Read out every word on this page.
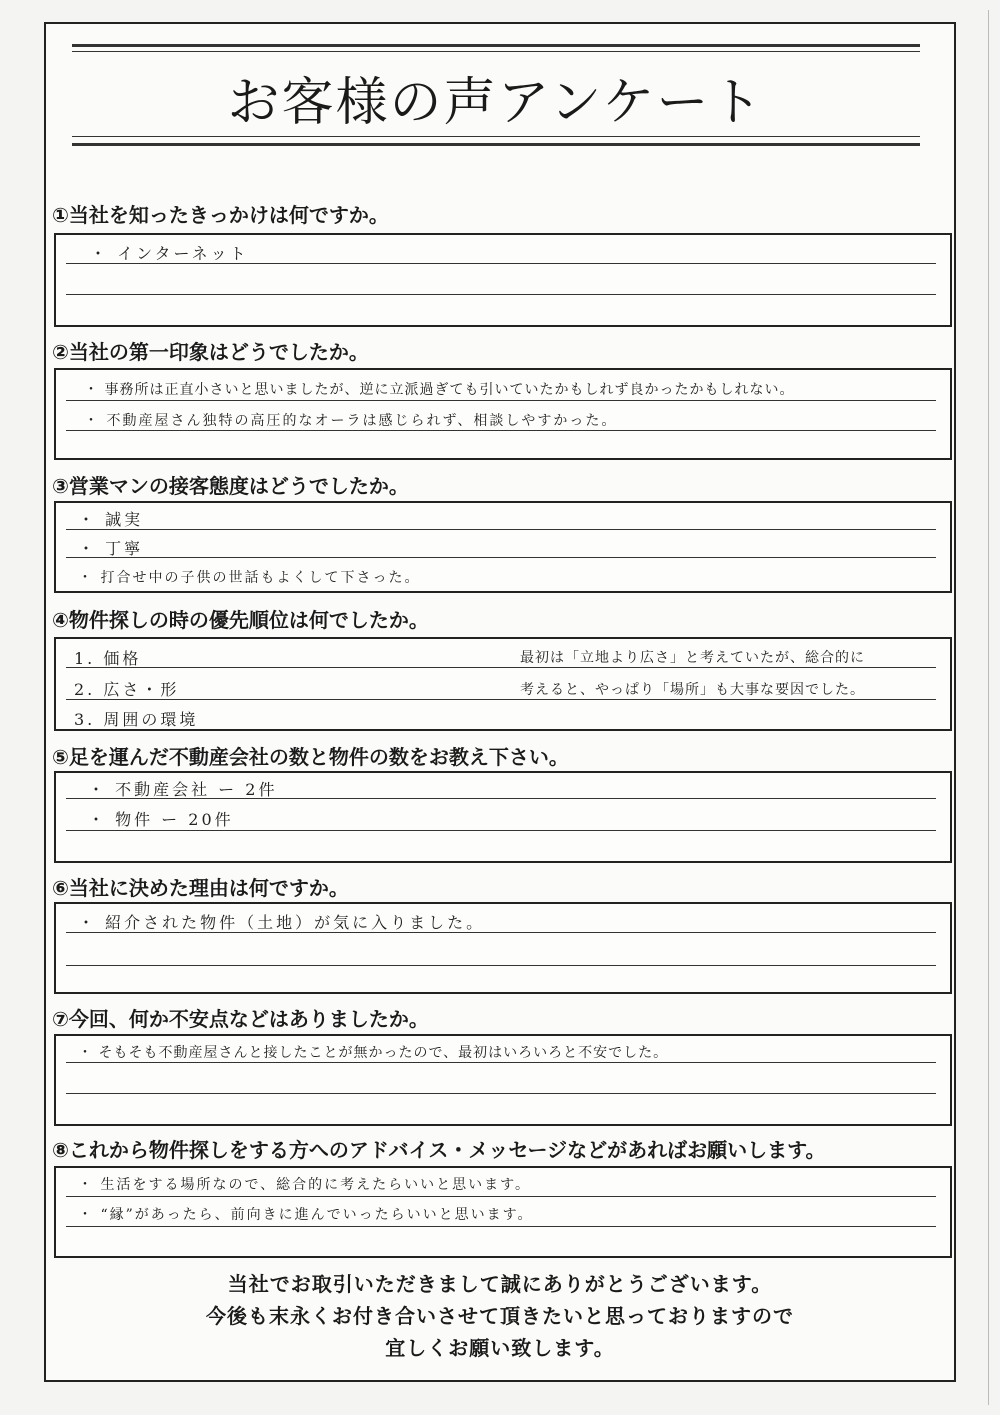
お客様の声アンケート
①当社を知ったきっかけは何ですか。
・ インターネット
②当社の第一印象はどうでしたか。
・ 事務所は正直小さいと思いましたが、逆に立派過ぎても引いていたかもしれず良かったかもしれない。
・ 不動産屋さん独特の高圧的なオーラは感じられず、相談しやすかった。
③営業マンの接客態度はどうでしたか。
・ 誠実
・ 丁寧
・ 打合せ中の子供の世話もよくして下さった。
④物件探しの時の優先順位は何でしたか。
1. 価格
2. 広さ・形
3. 周囲の環境
最初は「立地より広さ」と考えていたが、総合的に
考えると、やっぱり「場所」も大事な要因でした。
⑤足を運んだ不動産会社の数と物件の数をお教え下さい。
・ 不動産会社 ー 2件
・ 物件 ー 20件
⑥当社に決めた理由は何ですか。
・ 紹介された物件（土地）が気に入りました。
⑦今回、何か不安点などはありましたか。
・ そもそも不動産屋さんと接したことが無かったので、最初はいろいろと不安でした。
⑧これから物件探しをする方へのアドバイス・メッセージなどがあればお願いします。
・ 生活をする場所なので、総合的に考えたらいいと思います。
・ “縁”があったら、前向きに進んでいったらいいと思います。
当社でお取引いただきまして誠にありがとうございます。
今後も末永くお付き合いさせて頂きたいと思っておりますので
宜しくお願い致します。
